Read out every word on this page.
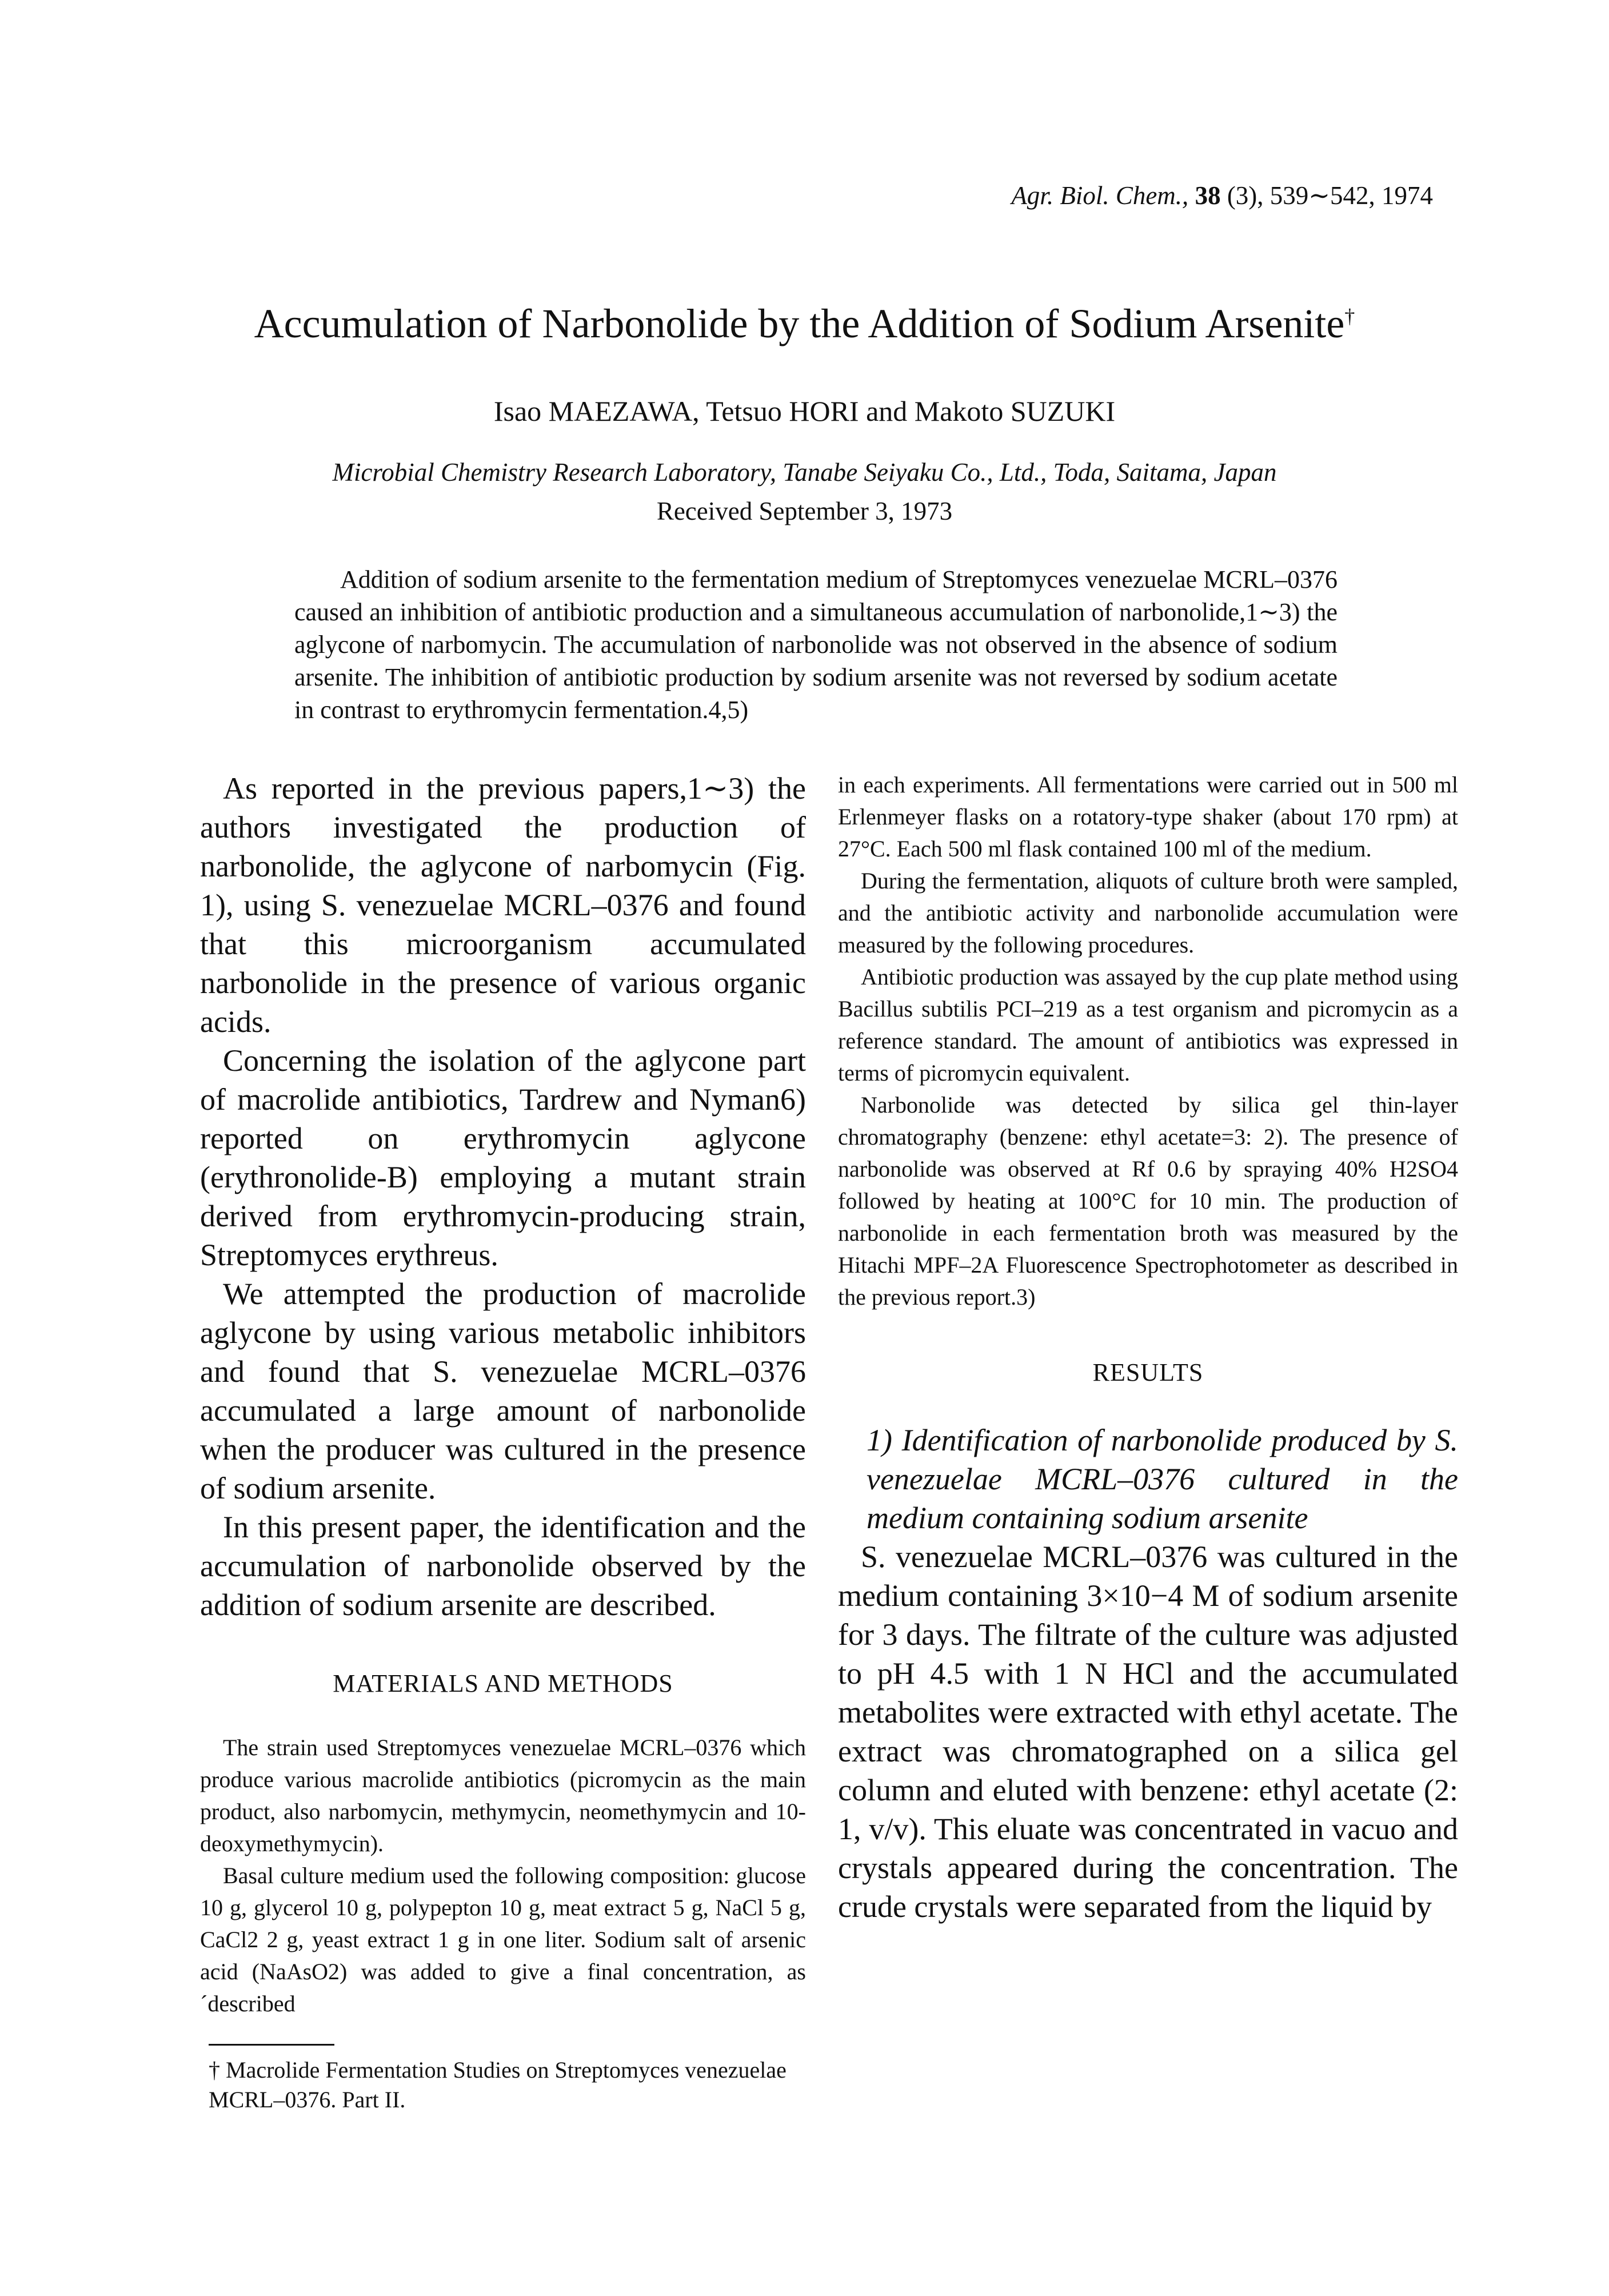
Agr. Biol. Chem., 38 (3), 539∼542, 1974
Accumulation of Narbonolide by the Addition of Sodium Arsenite†
Isao MAEZAWA, Tetsuo HORI and Makoto SUZUKI
Microbial Chemistry Research Laboratory, Tanabe Seiyaku Co., Ltd., Toda, Saitama, Japan
Received September 3, 1973

Addition of sodium arsenite to the fermentation medium of Streptomyces venezuelae MCRL–0376 caused an inhibition of antibiotic production and a simultaneous accumulation of narbonolide,1∼3) the aglycone of narbomycin. The accumulation of narbonolide was not observed in the absence of sodium arsenite. The inhibition of antibiotic production by sodium arsenite was not reversed by sodium acetate in contrast to erythromycin fermentation.4,5)

As reported in the previous papers,1∼3) the authors investigated the production of narbonolide, the aglycone of narbomycin (Fig. 1), using S. venezuelae MCRL–0376 and found that this microorganism accumulated narbonolide in the presence of various organic acids.

Concerning the isolation of the aglycone part of macrolide antibiotics, Tardrew and Nyman6) reported on erythromycin aglycone (erythronolide-B) employing a mutant strain derived from erythromycin-producing strain, Streptomyces erythreus.

We attempted the production of macrolide aglycone by using various metabolic inhibitors and found that S. venezuelae MCRL–0376 accumulated a large amount of narbonolide when the producer was cultured in the presence of sodium arsenite.

In this present paper, the identification and the accumulation of narbonolide observed by the addition of sodium arsenite are described.

MATERIALS AND METHODS

The strain used Streptomyces venezuelae MCRL–0376 which produce various macrolide antibiotics (picromycin as the main product, also narbomycin, methymycin, neomethymycin and 10-deoxymethymycin).

Basal culture medium used the following composition: glucose 10 g, glycerol 10 g, polypepton 10 g, meat extract 5 g, NaCl 5 g, CaCl2 2 g, yeast extract 1 g in one liter. Sodium salt of arsenic acid (NaAsO2) was added to give a final concentration, as´described

in each experiments. All fermentations were carried out in 500 ml Erlenmeyer flasks on a rotatory-type shaker (about 170 rpm) at 27°C. Each 500 ml flask contained 100 ml of the medium.

During the fermentation, aliquots of culture broth were sampled, and the antibiotic activity and narbonolide accumulation were measured by the following procedures.

Antibiotic production was assayed by the cup plate method using Bacillus subtilis PCI–219 as a test organism and picromycin as a reference standard. The amount of antibiotics was expressed in terms of picromycin equivalent.

Narbonolide was detected by silica gel thin-layer chromatography (benzene: ethyl acetate=3: 2). The presence of narbonolide was observed at Rf 0.6 by spraying 40% H2SO4 followed by heating at 100°C for 10 min. The production of narbonolide in each fermentation broth was measured by the Hitachi MPF–2A Fluorescence Spectrophotometer as described in the previous report.3)

RESULTS

1) Identification of narbonolide produced by S. venezuelae MCRL–0376 cultured in the medium containing sodium arsenite

S. venezuelae MCRL–0376 was cultured in the medium containing 3×10−4 M of sodium arsenite for 3 days. The filtrate of the culture was adjusted to pH 4.5 with 1 N HCl and the accumulated metabolites were extracted with ethyl acetate. The extract was chromatographed on a silica gel column and eluted with benzene: ethyl acetate (2: 1, v/v). This eluate was concentrated in vacuo and crystals appeared during the concentration. The crude crystals were separated from the liquid by

† Macrolide Fermentation Studies on Streptomyces venezuelae MCRL–0376. Part II.
